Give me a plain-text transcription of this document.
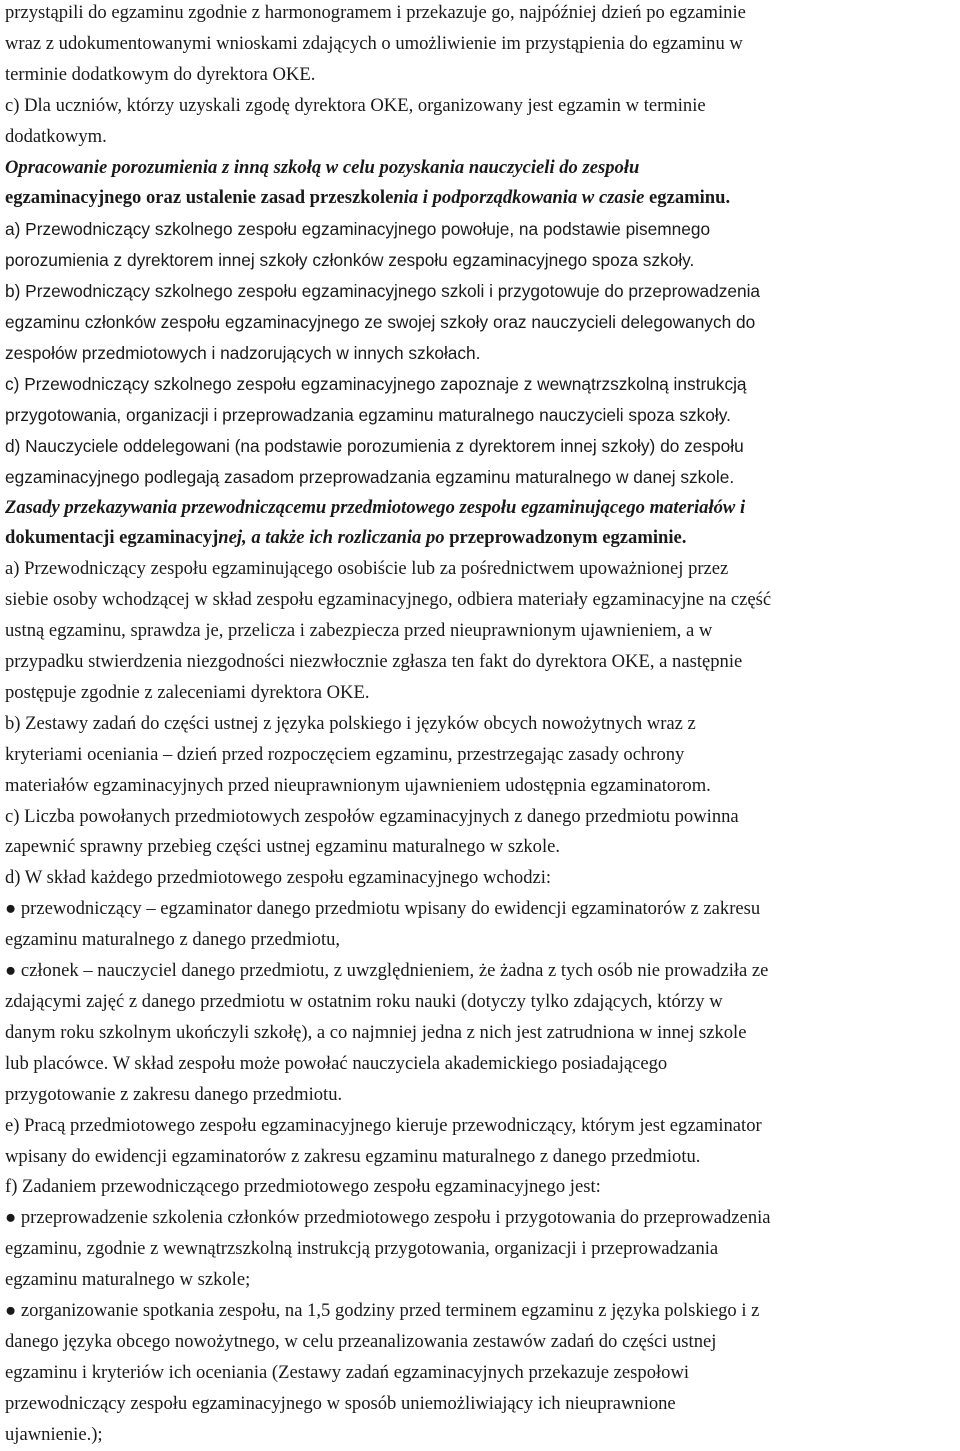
przystąpili do egzaminu zgodnie z harmonogramem i przekazuje go, najpóźniej dzień po egzaminie

wraz z udokumentowanymi wnioskami zdających o umożliwienie im przystąpienia do egzaminu w

terminie dodatkowym do dyrektora OKE.

c) Dla uczniów, którzy uzyskali zgodę dyrektora OKE, organizowany jest egzamin w terminie

dodatkowym.

Opracowanie porozumienia z inną szkołą w celu pozyskania nauczycieli do zespołu

egzaminacyjnego oraz ustalenie zasad przeszkolenia i podporządkowania w czasie egzaminu.

a) Przewodniczący szkolnego zespołu egzaminacyjnego powołuje, na podstawie pisemnego

porozumienia z dyrektorem innej szkoły członków zespołu egzaminacyjnego spoza szkoły.

b) Przewodniczący szkolnego zespołu egzaminacyjnego szkoli i przygotowuje do przeprowadzenia

egzaminu członków zespołu egzaminacyjnego ze swojej szkoły oraz nauczycieli delegowanych do

zespołów przedmiotowych i nadzorujących w innych szkołach.

c) Przewodniczący szkolnego zespołu egzaminacyjnego zapoznaje z wewnątrzszkolną instrukcją

przygotowania, organizacji i przeprowadzania egzaminu maturalnego nauczycieli spoza szkoły.

d) Nauczyciele oddelegowani (na podstawie porozumienia z dyrektorem innej szkoły) do zespołu

egzaminacyjnego podlegają zasadom przeprowadzania egzaminu maturalnego w danej szkole.

Zasady przekazywania przewodniczącemu przedmiotowego zespołu egzaminującego materiałów i

dokumentacji egzaminacyjnej, a także ich rozliczania po przeprowadzonym egzaminie.

a) Przewodniczący zespołu egzaminującego osobiście lub za pośrednictwem upoważnionej przez

siebie osoby wchodzącej w skład zespołu egzaminacyjnego, odbiera materiały egzaminacyjne na część

ustną egzaminu, sprawdza je, przelicza i zabezpiecza przed nieuprawnionym ujawnieniem, a w

przypadku stwierdzenia niezgodności niezwłocznie zgłasza ten fakt do dyrektora OKE, a następnie

postępuje zgodnie z zaleceniami dyrektora OKE.

b) Zestawy zadań do części ustnej z języka polskiego i języków obcych nowożytnych wraz z

kryteriami oceniania – dzień przed rozpoczęciem egzaminu, przestrzegając zasady ochrony

materiałów egzaminacyjnych przed nieuprawnionym ujawnieniem udostępnia egzaminatorom.

c) Liczba powołanych przedmiotowych zespołów egzaminacyjnych z danego przedmiotu powinna

zapewnić sprawny przebieg części ustnej egzaminu maturalnego w szkole.

d) W skład każdego przedmiotowego zespołu egzaminacyjnego wchodzi:

● przewodniczący – egzaminator danego przedmiotu wpisany do ewidencji egzaminatorów z zakresu

egzaminu maturalnego z danego przedmiotu,

● członek – nauczyciel danego przedmiotu, z uwzględnieniem, że żadna z tych osób nie prowadziła ze

zdającymi zajęć z danego przedmiotu w ostatnim roku nauki (dotyczy tylko zdających, którzy w

danym roku szkolnym ukończyli szkołę), a co najmniej jedna z nich jest zatrudniona w innej szkole

lub placówce. W skład zespołu może powołać nauczyciela akademickiego posiadającego

przygotowanie z zakresu danego przedmiotu.

e) Pracą przedmiotowego zespołu egzaminacyjnego kieruje przewodniczący, którym jest egzaminator

wpisany do ewidencji egzaminatorów z zakresu egzaminu maturalnego z danego przedmiotu.

f) Zadaniem przewodniczącego przedmiotowego zespołu egzaminacyjnego jest:

● przeprowadzenie szkolenia członków przedmiotowego zespołu i przygotowania do przeprowadzenia

egzaminu, zgodnie z wewnątrzszkolną instrukcją przygotowania, organizacji i przeprowadzania

egzaminu maturalnego w szkole;

● zorganizowanie spotkania zespołu, na 1,5 godziny przed terminem egzaminu z języka polskiego i z

danego języka obcego nowożytnego, w celu przeanalizowania zestawów zadań do części ustnej

egzaminu i kryteriów ich oceniania (Zestawy zadań egzaminacyjnych przekazuje zespołowi

przewodniczący zespołu egzaminacyjnego w sposób uniemożliwiający ich nieuprawnione

ujawnienie.);
